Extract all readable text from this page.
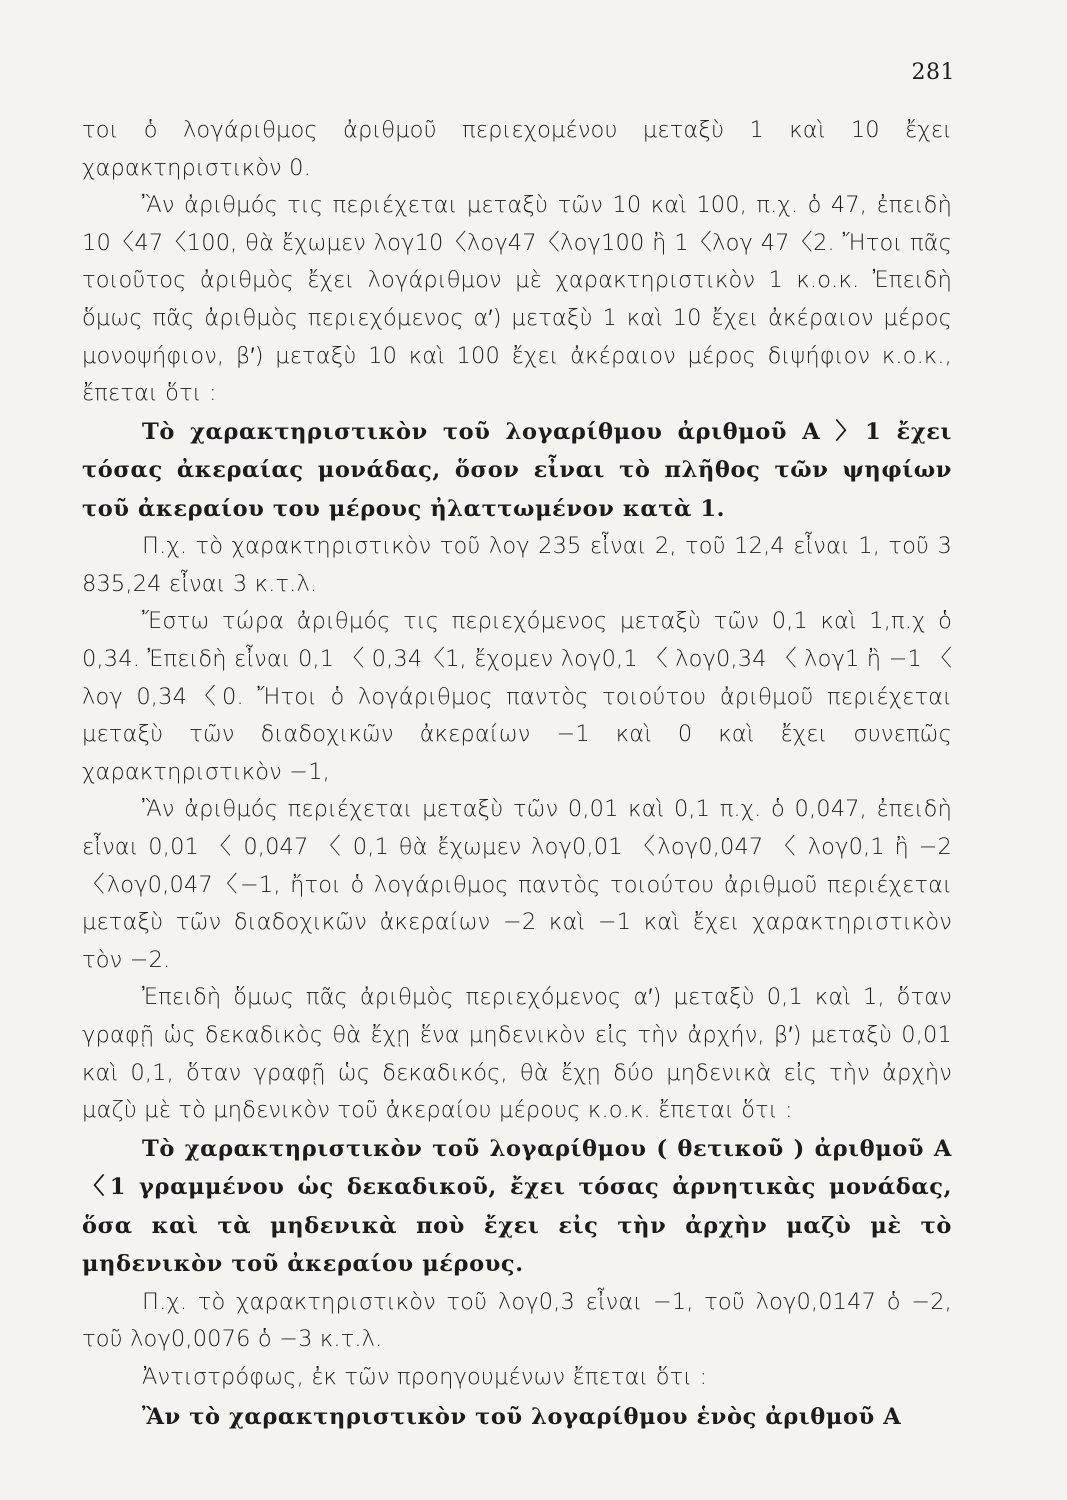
281

τοι ὁ λογάριθμος ἀριθμοῦ περιεχομένου μεταξὺ 1 καὶ 10 ἔχει χαρακτηριστικὸν 0.

Ἂν ἀριθμός τις περιέχεται μεταξὺ τῶν 10 καὶ 100, π.χ. ὁ 47, ἐπειδὴ 10〈47〈100, θὰ ἔχωμεν λογ10〈λογ47〈λογ100 ἢ 1〈λογ 47〈2. Ἤτοι πᾶς τοιοῦτος ἀριθμὸς ἔχει λογάριθμον μὲ χαρακτηριστικὸν 1 κ.ο.κ. Ἐπειδὴ ὅμως πᾶς ἀριθμὸς περιεχόμενος α′) μεταξὺ 1 καὶ 10 ἔχει ἀκέραιον μέρος μονοψήφιον, β′) μεταξὺ 10 καὶ 100 ἔχει ἀκέραιον μέρος διψήφιον κ.ο.κ., ἔπεται ὅτι :

Τὸ χαρακτηριστικὸν τοῦ λογαρίθμου ἀριθμοῦ Α 〉1 ἔχει τόσας ἀκεραίας μονάδας, ὅσον εἶναι τὸ πλῆθος τῶν ψηφίων τοῦ ἀκεραίου του μέρους ἠλαττωμένον κατὰ 1.

Π.χ. τὸ χαρακτηριστικὸν τοῦ λογ 235 εἶναι 2, τοῦ 12,4 εἶναι 1, τοῦ 3 835,24 εἶναι 3 κ.τ.λ.

Ἔστω τώρα ἀριθμός τις περιεχόμενος μεταξὺ τῶν 0,1 καὶ 1,π.χ ὁ 0,34. Ἐπειδὴ εἶναι 0,1 〈 0,34〈1, ἔχομεν λογ0,1 〈 λογ0,34 〈 λογ1 ἢ −1 〈 λογ 0,34〈0. Ἤτοι ὁ λογάριθμος παντὸς τοιούτου ἀριθμοῦ περιέχεται μεταξὺ τῶν διαδοχικῶν ἀκεραίων −1 καὶ 0 καὶ ἔχει συνεπῶς χαρακτηριστικὸν −1,

Ἂν ἀριθμός περιέχεται μεταξὺ τῶν 0,01 καὶ 0,1 π.χ. ὁ 0,047, ἐπειδὴ εἶναι 0,01 〈 0,047 〈 0,1 θὰ ἔχωμεν λογ0,01 〈λογ0,047 〈 λογ0,1 ἢ −2〈λογ0,047〈−1, ἤτοι ὁ λογάριθμος παντὸς τοιούτου ἀριθμοῦ περιέχεται μεταξὺ τῶν διαδοχικῶν ἀκεραίων −2 καὶ −1 καὶ ἔχει χαρακτηριστικὸν τὸν −2.

Ἐπειδὴ ὅμως πᾶς ἀριθμὸς περιεχόμενος α′) μεταξὺ 0,1 καὶ 1, ὅταν γραφῇ ὡς δεκαδικὸς θὰ ἔχῃ ἕνα μηδενικὸν εἰς τὴν ἀρχήν, β′) μεταξὺ 0,01 καὶ 0,1, ὅταν γραφῇ ὡς δεκαδικός, θὰ ἔχῃ δύο μηδενικὰ εἰς τὴν ἀρχὴν μαζὺ μὲ τὸ μηδενικὸν τοῦ ἀκεραίου μέρους κ.ο.κ. ἔπεται ὅτι :

Τὸ χαρακτηριστικὸν τοῦ λογαρίθμου ( θετικοῦ ) ἀριθμοῦ Α〈1 γραμμένου ὡς δεκαδικοῦ, ἔχει τόσας ἀρνητικὰς μονάδας, ὅσα καὶ τὰ μηδενικὰ ποὺ ἔχει εἰς τὴν ἀρχὴν μαζὺ μὲ τὸ μηδενικὸν τοῦ ἀκεραίου μέρους.

Π.χ. τὸ χαρακτηριστικὸν τοῦ λογ0,3 εἶναι −1, τοῦ λογ0,0147 ὁ −2, τοῦ λογ0,0076 ὁ −3 κ.τ.λ.

Ἀντιστρόφως, ἐκ τῶν προηγουμένων ἔπεται ὅτι :

Ἂν τὸ χαρακτηριστικὸν τοῦ λογαρίθμου ἑνὸς ἀριθμοῦ Α
